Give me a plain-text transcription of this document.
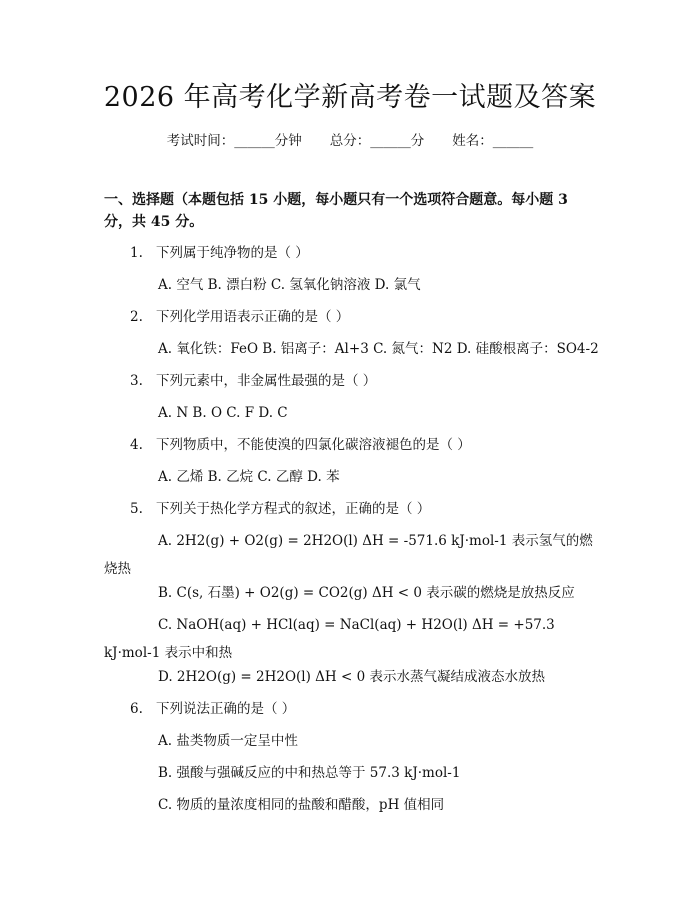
2026 年高考化学新高考卷一试题及答案
考试时间：______分钟 总分：______分 姓名：______
一、选择题（本题包括 15 小题，每小题只有一个选项符合题意。每小题 3 分，共 45 分。
1. 下列属于纯净物的是（ ）
A. 空气 B. 漂白粉 C. 氢氧化钠溶液 D. 氯气
2. 下列化学用语表示正确的是（ ）
A. 氧化铁：FeO B. 铝离子：Al+3 C. 氮气：N2 D. 硅酸根离子：SO4-2
3. 下列元素中，非金属性最强的是（ ）
A. N B. O C. F D. C
4. 下列物质中，不能使溴的四氯化碳溶液褪色的是（ ）
A. 乙烯 B. 乙烷 C. 乙醇 D. 苯
5. 下列关于热化学方程式的叙述，正确的是（ ）
A. 2H2(g) + O2(g) = 2H2O(l) ΔH = -571.6 kJ·mol-1 表示氢气的燃烧热
B. C(s, 石墨) + O2(g) = CO2(g) ΔH < 0 表示碳的燃烧是放热反应
C. NaOH(aq) + HCl(aq) = NaCl(aq) + H2O(l) ΔH = +57.3 kJ·mol-1 表示中和热
D. 2H2O(g) = 2H2O(l) ΔH < 0 表示水蒸气凝结成液态水放热
6. 下列说法正确的是（ ）
A. 盐类物质一定呈中性
B. 强酸与强碱反应的中和热总等于 57.3 kJ·mol-1
C. 物质的量浓度相同的盐酸和醋酸，pH 值相同
